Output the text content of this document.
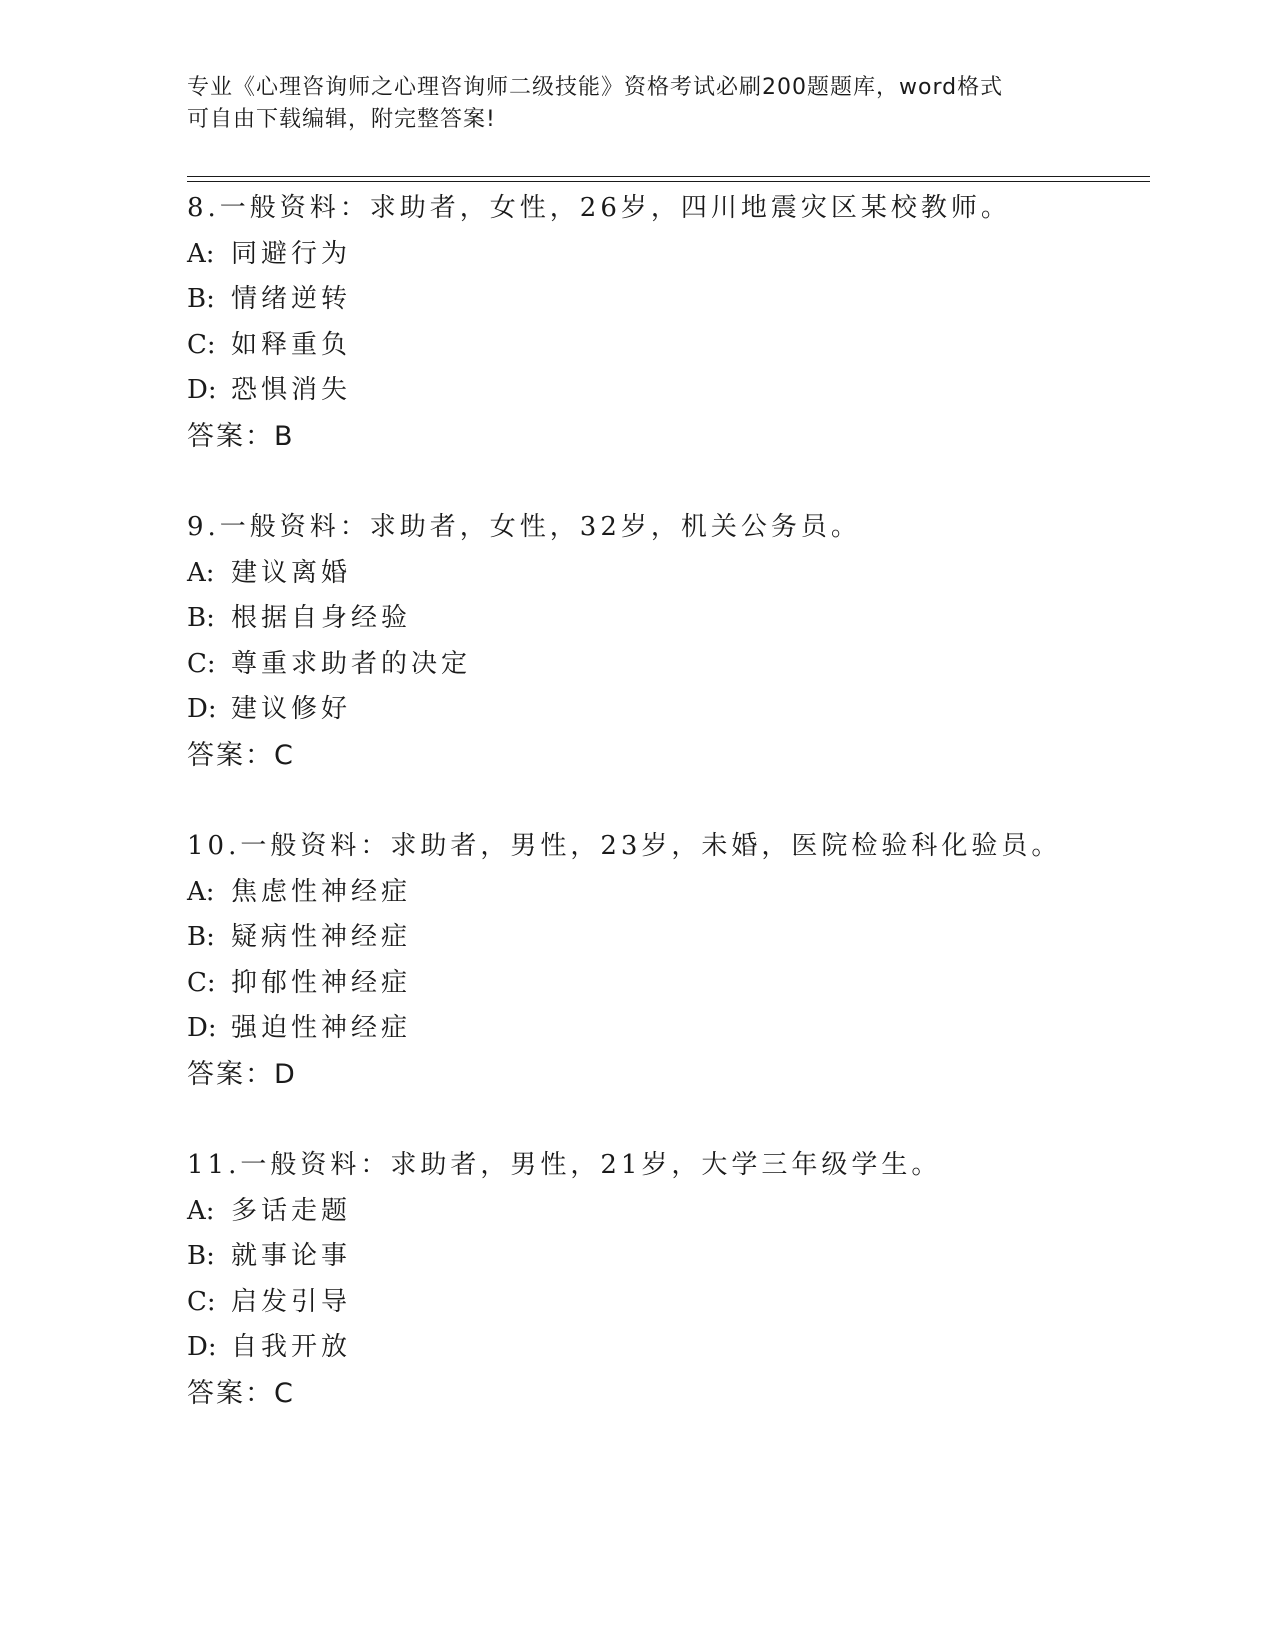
专业《心理咨询师之心理咨询师二级技能》资格考试必刷200题题库，word格式
可自由下载编辑，附完整答案!
8.一般资料：求助者，女性，26岁，四川地震灾区某校教师。
A: 同避行为
B: 情绪逆转
C: 如释重负
D: 恐惧消失
答案：B
9.一般资料：求助者，女性，32岁，机关公务员。
A: 建议离婚
B: 根据自身经验
C: 尊重求助者的决定
D: 建议修好
答案：C
10.一般资料：求助者，男性，23岁，未婚，医院检验科化验员。
A: 焦虑性神经症
B: 疑病性神经症
C: 抑郁性神经症
D: 强迫性神经症
答案：D
11.一般资料：求助者，男性，21岁，大学三年级学生。
A: 多话走题
B: 就事论事
C: 启发引导
D: 自我开放
答案：C
